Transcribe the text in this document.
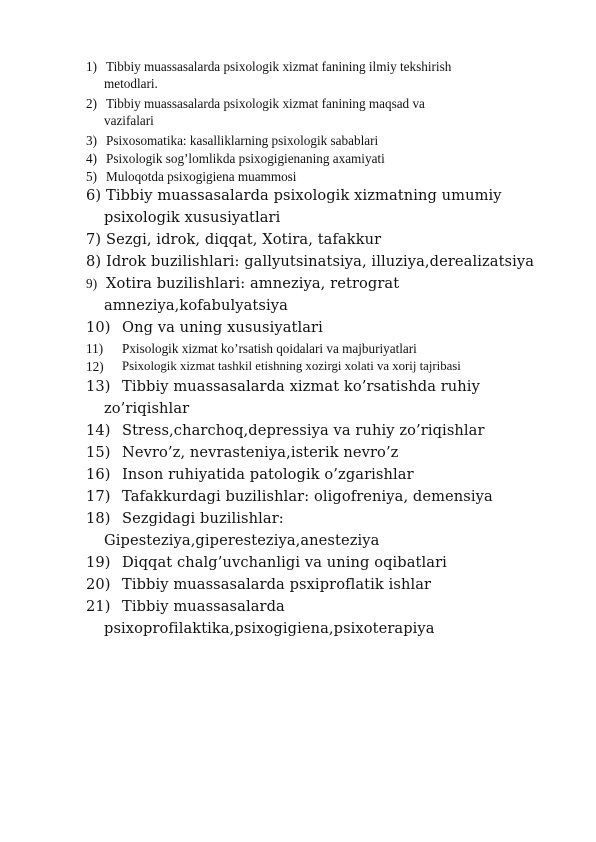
1) Tibbiy muassasalarda psixologik xizmat fanining ilmiy tekshirish
metodlari.
2) Tibbiy muassasalarda psixologik xizmat fanining maqsad va
vazifalari
3) Psixosomatika: kasalliklarning psixologik sabablari
4) Psixologik sog’lomlikda psixogigienaning axamiyati
5) Muloqotda psixogigiena muammosi
6) Tibbiy muassasalarda psixologik xizmatning umumiy
psixologik xususiyatlari
7) Sezgi, idrok, diqqat, Xotira, tafakkur
8) Idrok buzilishlari: gallyutsinatsiya, illuziya,derealizatsiya
9) Xotira buzilishlari: amneziya, retrograt
amneziya,kofabulyatsiya
10) Ong va uning xususiyatlari
11) Pxisologik xizmat ko’rsatish qoidalari va majburiyatlari
12) Psixologik xizmat tashkil etishning xozirgi xolati va xorij tajribasi
13) Tibbiy muassasalarda xizmat ko’rsatishda ruhiy
zo’riqishlar
14) Stress,charchoq,depressiya va ruhiy zo’riqishlar
15) Nevro’z, nevrasteniya,isterik nevro’z
16) Inson ruhiyatida patologik o’zgarishlar
17) Tafakkurdagi buzilishlar: oligofreniya, demensiya
18) Sezgidagi buzilishlar:
Gipesteziya,giperesteziya,anesteziya
19) Diqqat chalg’uvchanligi va uning oqibatlari
20) Tibbiy muassasalarda psxiproflatik ishlar
21) Tibbiy muassasalarda
psixoprofilaktika,psixogigiena,psixoterapiya
